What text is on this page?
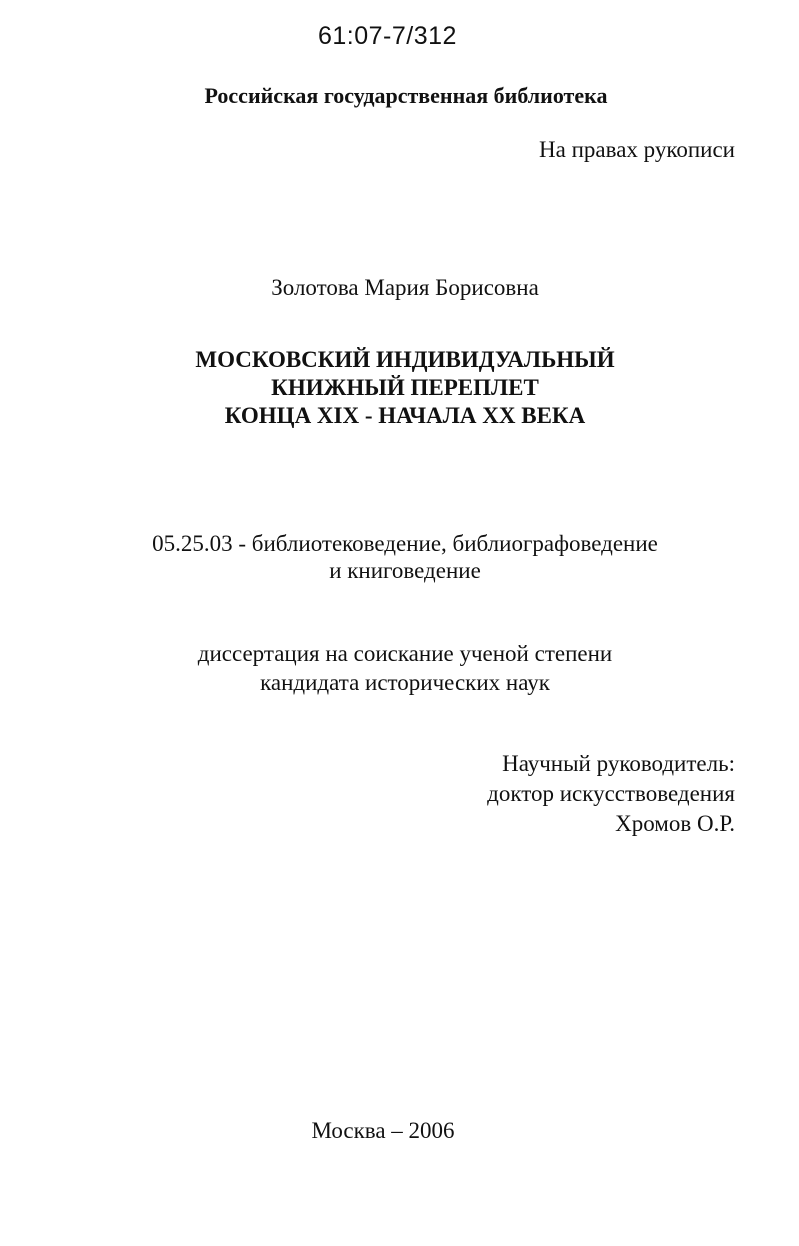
61:07-7/312
Российская государственная библиотека
На правах рукописи
Золотова Мария Борисовна
МОСКОВСКИЙ ИНДИВИДУАЛЬНЫЙ
КНИЖНЫЙ ПЕРЕПЛЕТ
КОНЦА XIX - НАЧАЛА XX ВЕКА
05.25.03 - библиотековедение, библиографоведение
и книговедение
диссертация на соискание ученой степени
кандидата исторических наук
Научный руководитель:
доктор искусствоведения
Хромов О.Р.
Москва – 2006
